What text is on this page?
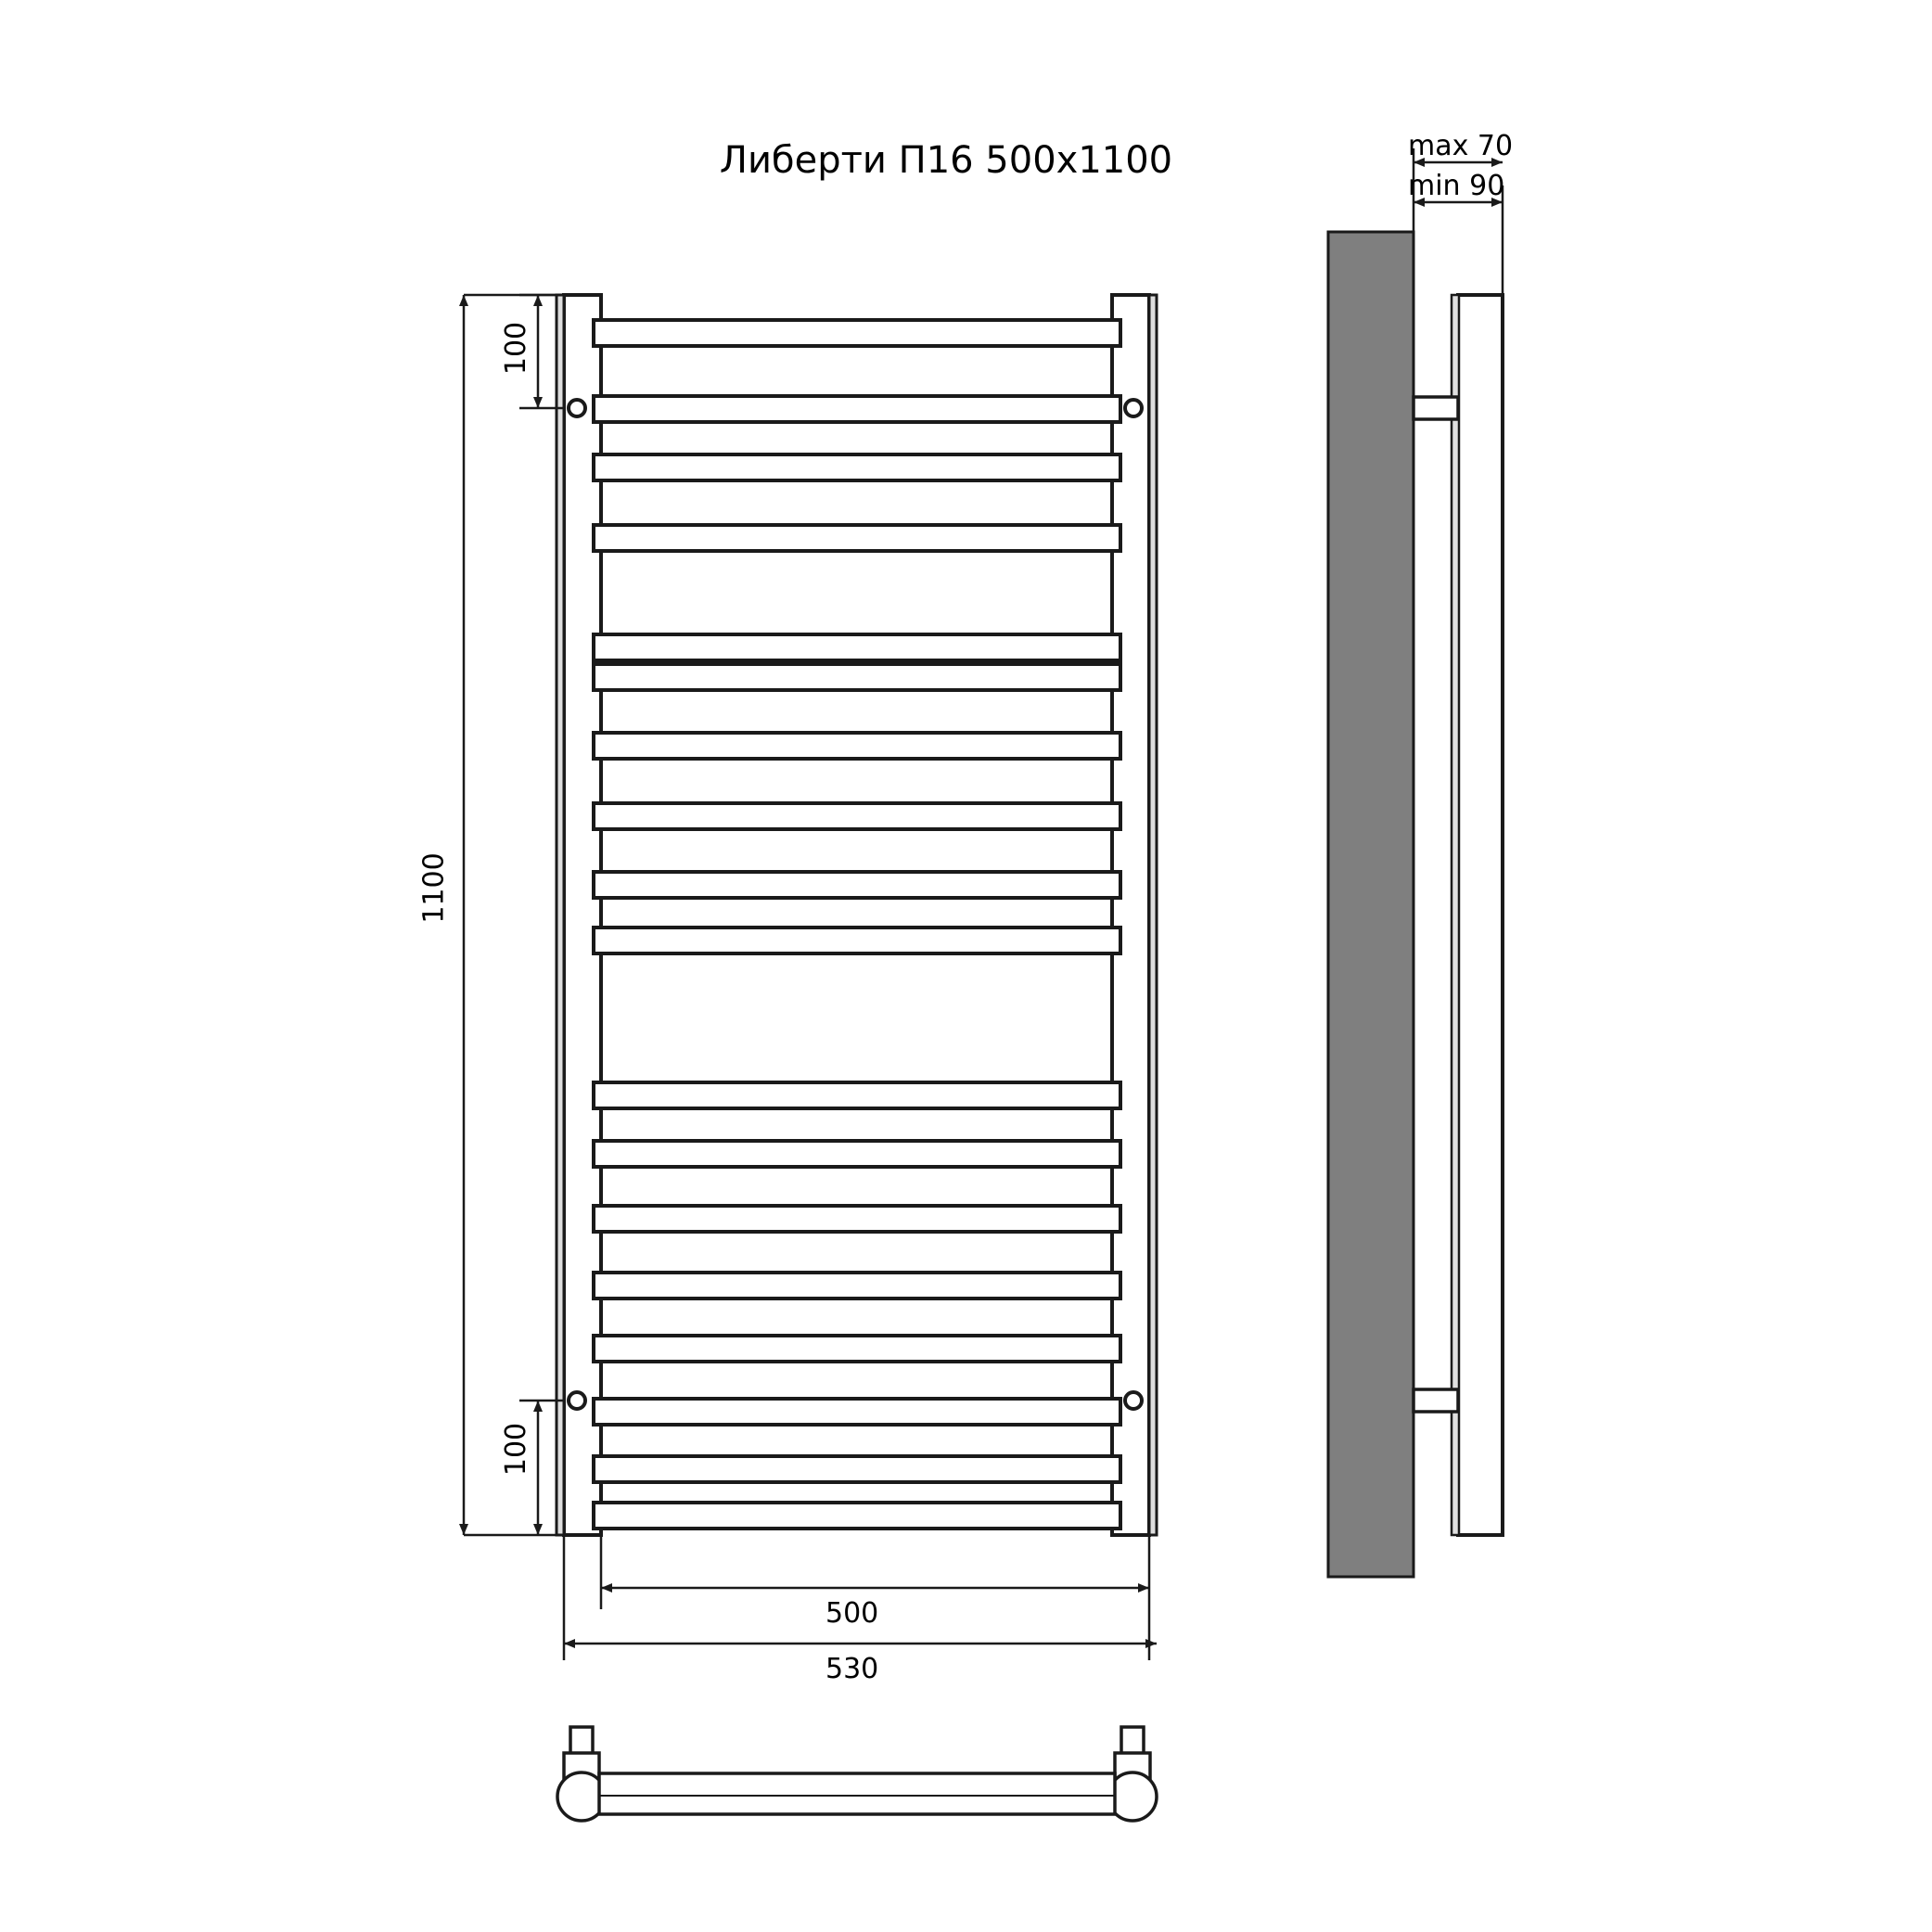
Либерти П16 500х1100
100
1100
100
500
530
max 70
min 90
